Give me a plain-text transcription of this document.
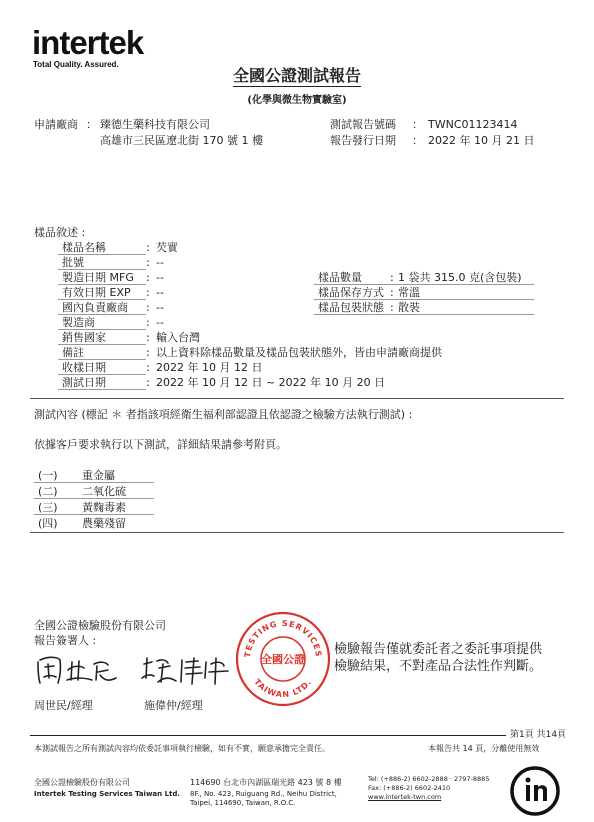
intertek
Total Quality. Assured.
全國公證測試報告
(化學與微生物實驗室)
申請廠商 ： 臻德生藥科技有限公司
高雄市三民區遼北街 170 號 1 樓
測試報告號碼 ： TWNC01123414
報告發行日期 ： 2022 年 10 月 21 日
樣品敘述 :
樣品名稱	: 芡實
批號	: --
製造日期 MFG : --
有效日期 EXP : --
國內負責廠商 : --
製造商	: --
銷售國家	: 輸入台灣
備註	: 以上資料除樣品數量及樣品包裝狀態外，皆由申請廠商提供
收樣日期	: 2022 年 10 月 12 日
測試日期	: 2022 年 10 月 12 日 ~ 2022 年 10 月 20 日
樣品數量	: 1 袋共 315.0 克(含包裝)
樣品保存方式 : 常溫
樣品包裝狀態 : 散裝
測試內容 (標記 ＊ 者指該項經衛生福利部認證且依認證之檢驗方法執行測試) :
依據客戶要求執行以下測試，詳細結果請參考附頁。
(一) 重金屬
(二) 二氧化硫
(三) 黃麴毒素
(四) 農藥殘留
全國公證檢驗股份有限公司
報告簽署人 :
周世民/經理	施偉仲/經理
TESTING SERVICES
TAIWAN LTD.
全國公證
檢驗報告僅就委託者之委託事項提供
檢驗結果，不對產品合法性作判斷。
第1頁 共14頁
本測試報告之所有測試內容均依委託事項執行檢驗，如有不實，願意承擔完全責任。	本報告共 14 頁，分離使用無效
全國公證檢驗股份有限公司
Intertek Testing Services Taiwan Ltd.
114690 台北市內湖區瑞光路 423 號 8 樓
8F., No. 423, Ruiguang Rd., Neihu District,
Taipei, 114690, Taiwan, R.O.C.
Tel: (+886-2) 6602-2888 · 2797-8885
Fax: (+886-2) 6602-2410
www.intertek-twn.com
